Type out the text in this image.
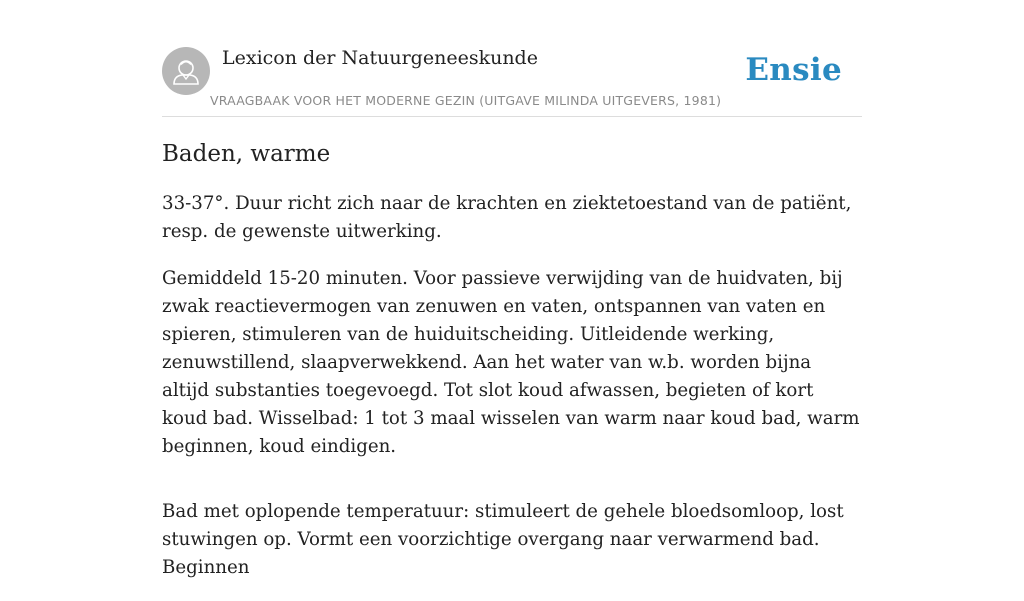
Lexicon der Natuurgeneeskunde
VRAAGBAAK VOOR HET MODERNE GEZIN (UITGAVE MILINDA UITGEVERS, 1981)
Ensie
Baden, warme

33-37°. Duur richt zich naar de krachten en ziektetoestand van de patiënt, resp. de gewenste uitwerking.

Gemiddeld 15-20 minuten. Voor passieve verwijding van de huidvaten, bij zwak reactievermogen van zenuwen en vaten, ontspannen van vaten en spieren, stimuleren van de huiduitscheiding. Uitleidende werking, zenuwstillend, slaapverwekkend. Aan het water van w.b. worden bijna altijd substanties toegevoegd. Tot slot koud afwassen, begieten of kort koud bad. Wisselbad: 1 tot 3 maal wisselen van warm naar koud bad, warm beginnen, koud eindigen.

Bad met oplopende temperatuur: stimuleert de gehele bloedsomloop, lost stuwingen op. Vormt een voorzichtige overgang naar verwarmend bad. Beginnen
